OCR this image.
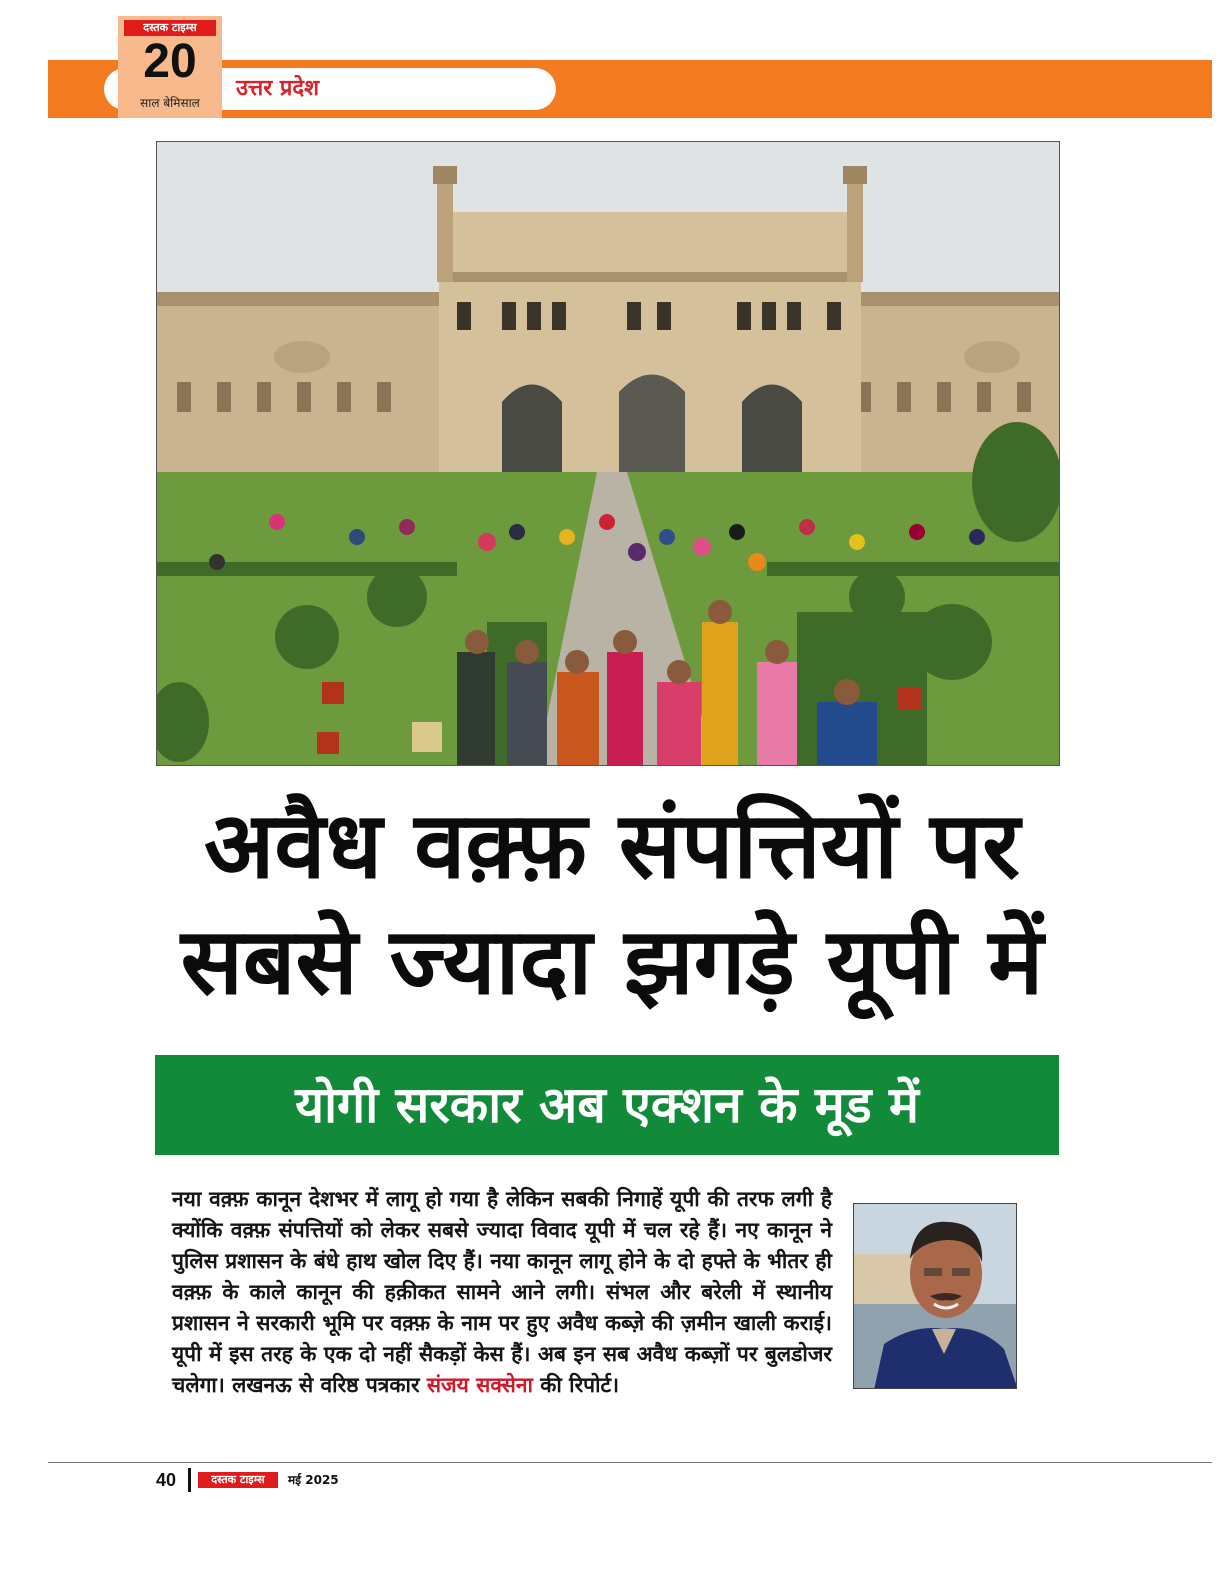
उत्तर प्रदेश
दस्तक टाइम्स
20
साल बेमिसाल
अवैध वक़्फ़ संपत्तियों पर
सबसे ज्यादा झगड़े यूपी में
योगी सरकार अब एक्शन के मूड में
नया वक़्फ़ कानून देशभर में लागू हो गया है लेकिन सबकी निगाहें यूपी की तरफ लगी है क्योंकि वक़्फ़ संपत्तियों को लेकर सबसे ज्यादा विवाद यूपी में चल रहे हैं। नए कानून ने पुलिस प्रशासन के बंधे हाथ खोल दिए हैं। नया कानून लागू होने के दो हफ्ते के भीतर ही वक़्फ़ के काले कानून की हक़ीकत सामने आने लगी। संभल और बरेली में स्थानीय प्रशासन ने सरकारी भूमि पर वक़्फ़ के नाम पर हुए अवैध कब्ज़े की ज़मीन खाली कराई। यूपी में इस तरह के एक दो नहीं सैकड़ों केस हैं। अब इन सब अवैध कब्ज़ों पर बुलडोजर चलेगा। लखनऊ से वरिष्ठ पत्रकार संजय सक्सेना की रिपोर्ट।
40	दस्तक टाइम्स	मई 2025
